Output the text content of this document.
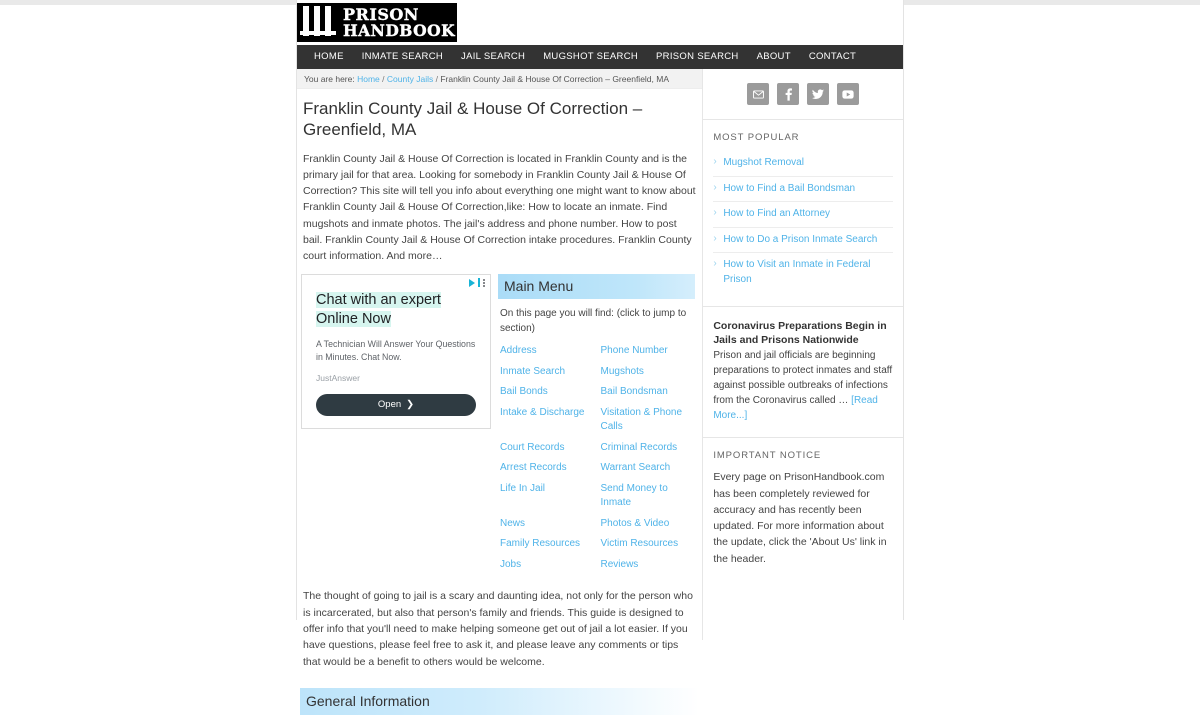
PRISON
HANDBOOK
HOME	INMATE SEARCH	JAIL SEARCH	MUGSHOT SEARCH	PRISON SEARCH	ABOUT	CONTACT
You are here: Home / County Jails / Franklin County Jail & House Of Correction – Greenfield, MA
Franklin County Jail & House Of Correction – Greenfield, MA

Franklin County Jail & House Of Correction is located in Franklin County and is the primary jail for that area. Looking for somebody in Franklin County Jail & House Of Correction? This site will tell you info about everything one might want to know about Franklin County Jail & House Of Correction,like: How to locate an inmate. Find mugshots and inmate photos. The jail's address and phone number. How to post bail. Franklin County Jail & House Of Correction intake procedures. Franklin County court information. And more…

Chat with an expert
Online Now
A Technician Will Answer Your Questions in Minutes. Chat Now.
JustAnswer
Open ❯
Main Menu
On this page you will find: (click to jump to section)
Address	Phone Number
Inmate Search	Mugshots
Bail Bonds	Bail Bondsman
Intake & Discharge	Visitation & Phone Calls
Court Records	Criminal Records
Arrest Records	Warrant Search
Life In Jail	Send Money to Inmate
News	Photos & Video
Family Resources	Victim Resources
Jobs	Reviews

The thought of going to jail is a scary and daunting idea, not only for the person who is incarcerated, but also that person's family and friends. This guide is designed to offer info that you'll need to make helping someone get out of jail a lot easier. If you have questions, please feel free to ask it, and please leave any comments or tips that would be a benefit to others would be welcome.

General Information
MOST POPULAR
› Mugshot Removal
› How to Find a Bail Bondsman
› How to Find an Attorney
› How to Do a Prison Inmate Search
› How to Visit an Inmate in Federal Prison
Coronavirus Preparations Begin in Jails and Prisons Nationwide

Prison and jail officials are beginning preparations to protect inmates and staff against possible outbreaks of infections from the Coronavirus called … [Read More...]

IMPORTANT NOTICE

Every page on PrisonHandbook.com has been completely reviewed for accuracy and has recently been updated. For more information about the update, click the 'About Us' link in the header.
